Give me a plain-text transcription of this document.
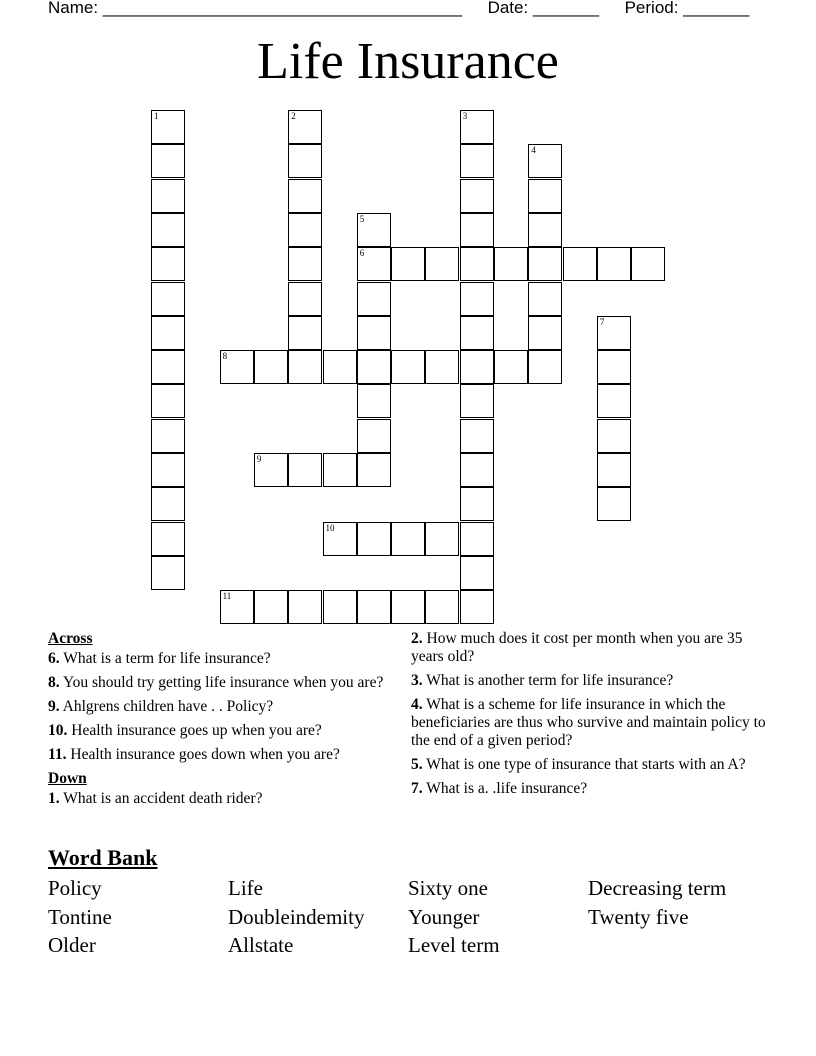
Name: ______________________________________ Date: _______ Period: _______
Life Insurance
1	2	3
4
5
6
7
8
9
10
11
Across
6. What is a term for life insurance?
8. You should try getting life insurance when you are?
9. Ahlgrens children have . . Policy?
10. Health insurance goes up when you are?
11. Health insurance goes down when you are?
Down
1. What is an accident death rider?
2. How much does it cost per month when you are 35 years old?
3. What is another term for life insurance?
4. What is a scheme for life insurance in which the beneficiaries are thus who survive and maintain policy to the end of a given period?
5. What is one type of insurance that starts with an A?
7. What is a. .life insurance?
Word Bank
Policy	Life	Sixty one	Decreasing term
Tontine	Doubleindemity	Younger	Twenty five
Older	Allstate	Level term
